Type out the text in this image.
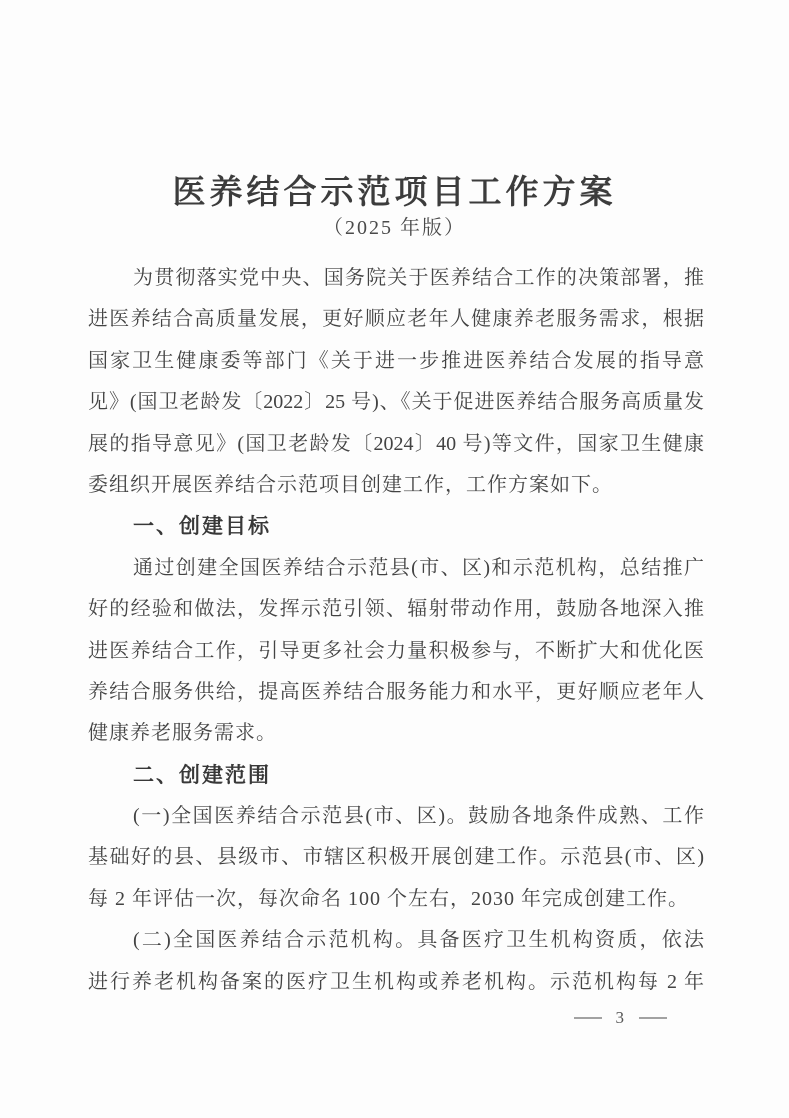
医养结合示范项目工作方案
（2025 年版）
为贯彻落实党中央、国务院关于医养结合工作的决策部署，推
进医养结合高质量发展，更好顺应老年人健康养老服务需求，根据
国家卫生健康委等部门《关于进一步推进医养结合发展的指导意
见》(国卫老龄发〔2022〕25 号)、《关于促进医养结合服务高质量发
展的指导意见》(国卫老龄发〔2024〕40 号)等文件，国家卫生健康
委组织开展医养结合示范项目创建工作，工作方案如下。
一、创建目标
通过创建全国医养结合示范县(市、区)和示范机构，总结推广
好的经验和做法，发挥示范引领、辐射带动作用，鼓励各地深入推
进医养结合工作，引导更多社会力量积极参与，不断扩大和优化医
养结合服务供给，提高医养结合服务能力和水平，更好顺应老年人
健康养老服务需求。
二、创建范围
(一)全国医养结合示范县(市、区)。鼓励各地条件成熟、工作
基础好的县、县级市、市辖区积极开展创建工作。示范县(市、区)
每 2 年评估一次，每次命名 100 个左右，2030 年完成创建工作。
(二)全国医养结合示范机构。具备医疗卫生机构资质，依法
进行养老机构备案的医疗卫生机构或养老机构。示范机构每 2 年
3
